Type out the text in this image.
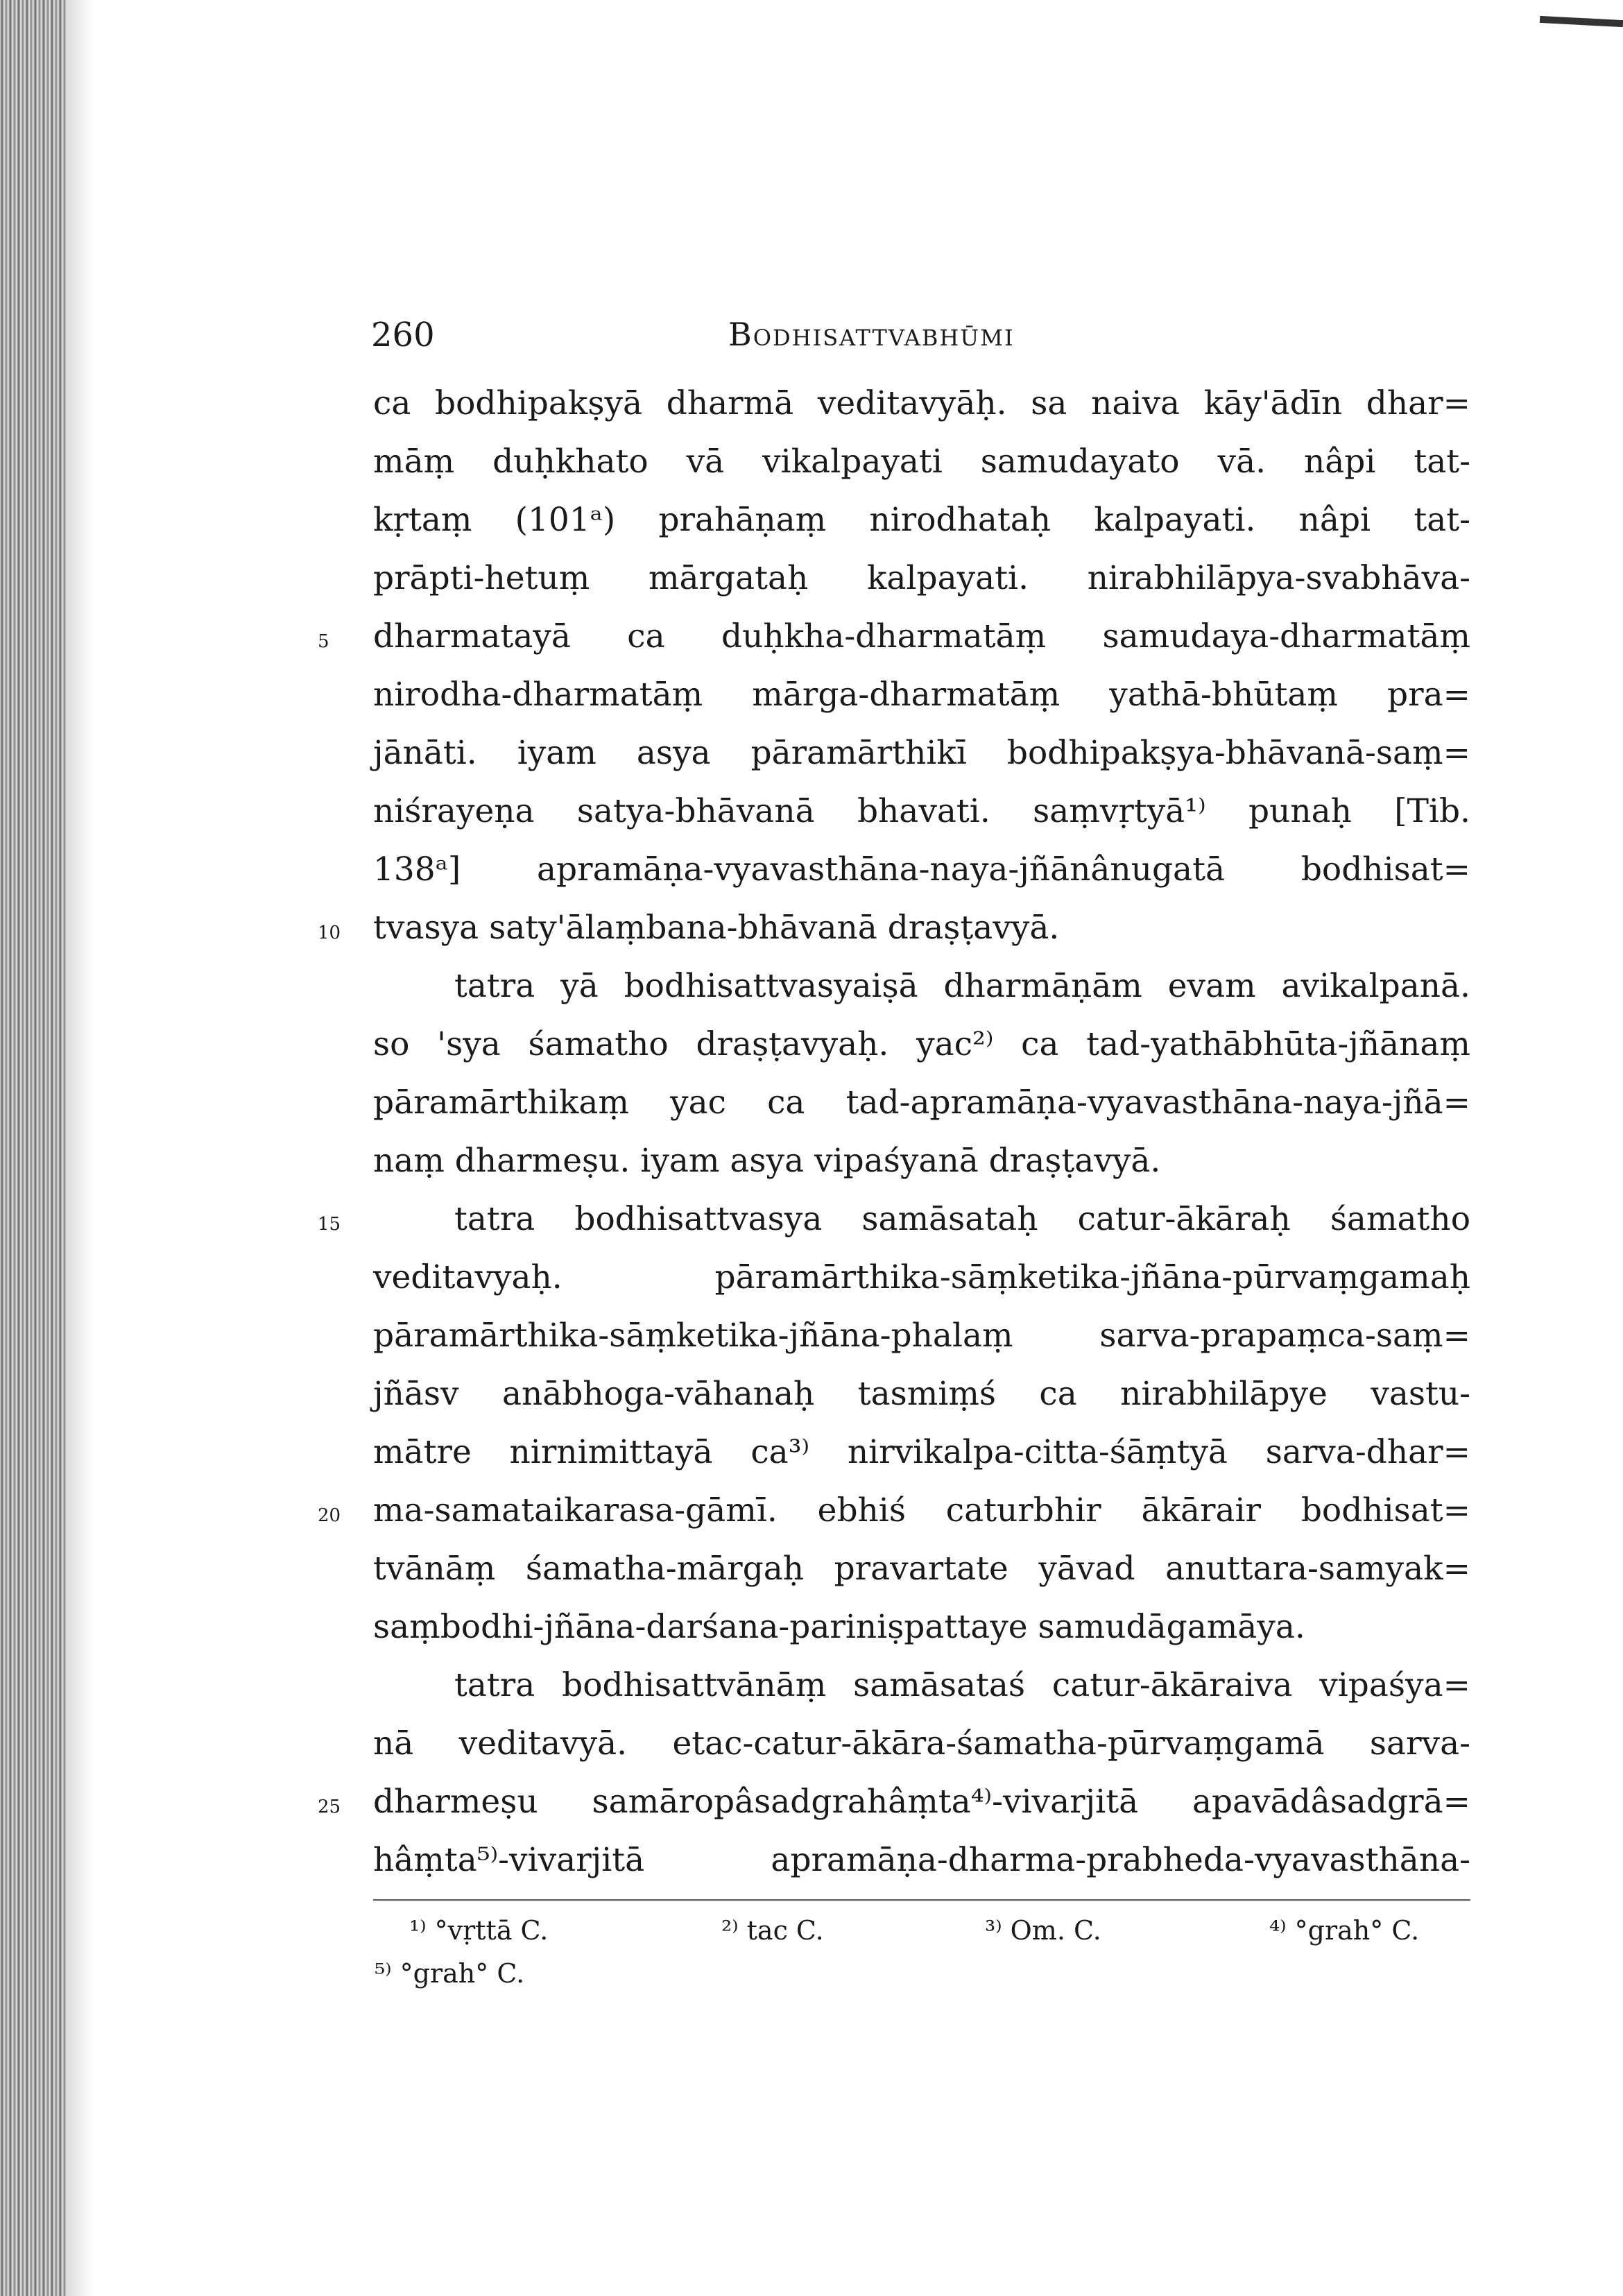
260	Bodhisattvabhūmi
ca bodhipakṣyā dharmā veditavyāḥ. sa naiva kāy'ādīn dhar=
māṃ duḥkhato vā vikalpayati samudayato vā. nâpi tat-
kṛtaṃ (101ᵃ) prahāṇaṃ nirodhataḥ kalpayati. nâpi tat-
prāpti-hetuṃ mārgataḥ kalpayati. nirabhilāpya-svabhāva-
dharmatayā ca duḥkha-dharmatāṃ samudaya-dharmatāṃ
nirodha-dharmatāṃ mārga-dharmatāṃ yathā-bhūtaṃ pra=
jānāti. iyam asya pāramārthikī bodhipakṣya-bhāvanā-saṃ=
niśrayeṇa satya-bhāvanā bhavati. saṃvṛtyā¹⁾ punaḥ [Tib.
138ᵃ] apramāṇa-vyavasthāna-naya-jñānânugatā bodhisat=
tvasya saty'ālaṃbana-bhāvanā draṣṭavyā.
tatra yā bodhisattvasyaiṣā dharmāṇām evam avikalpanā.
so 'sya śamatho draṣṭavyaḥ. yac²⁾ ca tad-yathābhūta-jñānaṃ
pāramārthikaṃ yac ca tad-apramāṇa-vyavasthāna-naya-jñā=
naṃ dharmeṣu. iyam asya vipaśyanā draṣṭavyā.
tatra bodhisattvasya samāsataḥ catur-ākāraḥ śamatho
veditavyaḥ. pāramārthika-sāṃketika-jñāna-pūrvaṃgamaḥ
pāramārthika-sāṃketika-jñāna-phalaṃ sarva-prapaṃca-saṃ=
jñāsv anābhoga-vāhanaḥ tasmiṃś ca nirabhilāpye vastu-
mātre nirnimittayā ca³⁾ nirvikalpa-citta-śāṃtyā sarva-dhar=
ma-samataikarasa-gāmī. ebhiś caturbhir ākārair bodhisat=
tvānāṃ śamatha-mārgaḥ pravartate yāvad anuttara-samyak=
saṃbodhi-jñāna-darśana-pariniṣpattaye samudāgamāya.
tatra bodhisattvānāṃ samāsataś catur-ākāraiva vipaśya=
nā veditavyā. etac-catur-ākāra-śamatha-pūrvaṃgamā sarva-
dharmeṣu samāropâsadgrahâṃta⁴⁾-vivarjitā apavādâsadgrā=
hâṃta⁵⁾-vivarjitā apramāṇa-dharma-prabheda-vyavasthāna-
5
10
15
20
25
¹⁾ °vṛttā C.	²⁾ tac C.	³⁾ Om. C.	⁴⁾ °grah° C.
⁵⁾ °grah° C.
